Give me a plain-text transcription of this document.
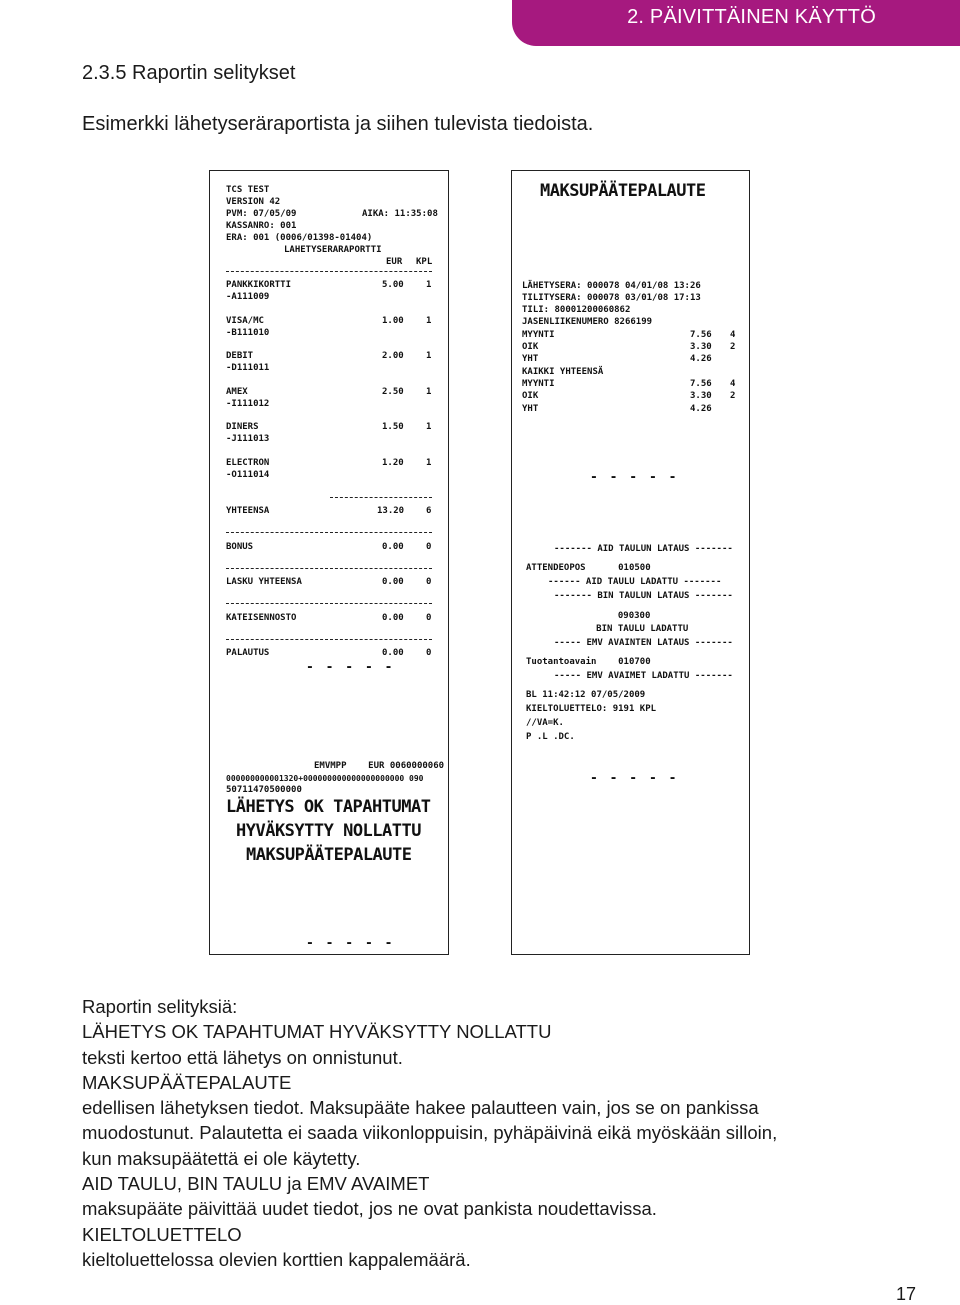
2. PÄIVITTÄINEN KÄYTTÖ
2.3.5 Raportin selitykset

Esimerkki lähetyseräraportista ja siihen tulevista tiedoista.

TCS TEST
VERSION 42
PVM: 07/05/09	AIKA: 11:35:08
KASSANRO: 001
ERA: 001 (0006/01398-01404)
LAHETYSERARAPORTTI
EUR KPL
PANKKIKORTTI	5.00 1
-A111009
VISA/MC	1.00 1
-B111010
DEBIT	2.00 1
-D111011
AMEX	2.50 1
-I111012
DINERS	1.50 1
-J111013
ELECTRON	1.20 1
-O111014
YHTEENSA	13.20 6
BONUS	0.00 0
LASKU YHTEENSA	0.00 0
KATEISENNOSTO	0.00 0
PALAUTUS	0.00 0
- - - - -
EMVMPP    EUR 0060000060
000000000001320+000000000000000000000 090
50711470500000
LÄHETYS OK TAPAHTUMAT
HYVÄKSYTTY NOLLATTU
MAKSUPÄÄTEPALAUTE
- - - - -
MAKSUPÄÄTEPALAUTE
LÄHETYSERA: 000078 04/01/08 13:26
TILITYSERA: 000078 03/01/08 17:13
TILI: 80001200060862
JASENLIIKENUMERO 8266199
MYYNTI	7.56 4
OIK	3.30 2
YHT	4.26
KAIKKI YHTEENSÄ
MYYNTI	7.56 4
OIK	3.30 2
YHT	4.26
- - - - -
------- AID TAULUN LATAUS -------
ATTENDEOPOS      010500
------ AID TAULU LADATTU -------
------- BIN TAULUN LATAUS -------
090300
BIN TAULU LADATTU
----- EMV AVAINTEN LATAUS -------
Tuotantoavain    010700
----- EMV AVAIMET LADATTU -------
BL 11:42:12 07/05/2009
KIELTOLUETTELO: 9191 KPL
//VA=K.
P .L .DC.
- - - - -
Raportin selityksiä:
LÄHETYS OK TAPAHTUMAT HYVÄKSYTTY NOLLATTU
teksti kertoo että lähetys on onnistunut.
MAKSUPÄÄTEPALAUTE
edellisen lähetyksen tiedot. Maksupääte hakee palautteen vain, jos se on pankissa
muodostunut. Palautetta ei saada viikonloppuisin, pyhäpäivinä eikä myöskään silloin,
kun maksupäätettä ei ole käytetty.
AID TAULU, BIN TAULU ja EMV AVAIMET
maksupääte päivittää uudet tiedot, jos ne ovat pankista noudettavissa.
KIELTOLUETTELO
kieltoluettelossa olevien korttien kappalemäärä.
17
